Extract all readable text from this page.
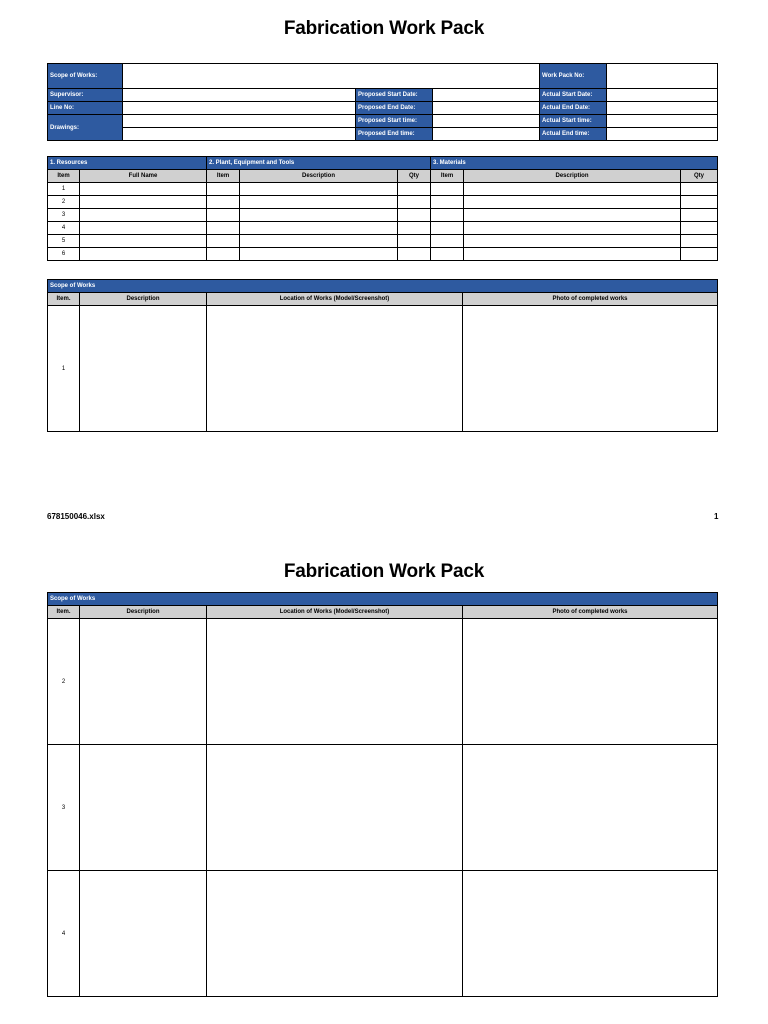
Fabrication Work Pack
Scope of Works:				Work Pack No:	
Supervisor:		Proposed Start Date:		Actual Start Date:	
Line No:		Proposed End Date:		Actual End Date:	
Drawings:		Proposed Start time:		Actual Start time:	
		Proposed End time:		Actual End time:	
1. Resources		2. Plant, Equipment and Tools			3. Materials		
Item	Full Name	Item	Description	Qty	Item	Description	Qty
1							
2							
3							
4							
5							
6							
Scope of Works			
Item.	Description	Location of Works (Model/Screenshot)	Photo of completed works
1			
678150046.xlsx	1
Fabrication Work Pack
Scope of Works			
Item.	Description	Location of Works (Model/Screenshot)	Photo of completed works
2			
3			
4			
